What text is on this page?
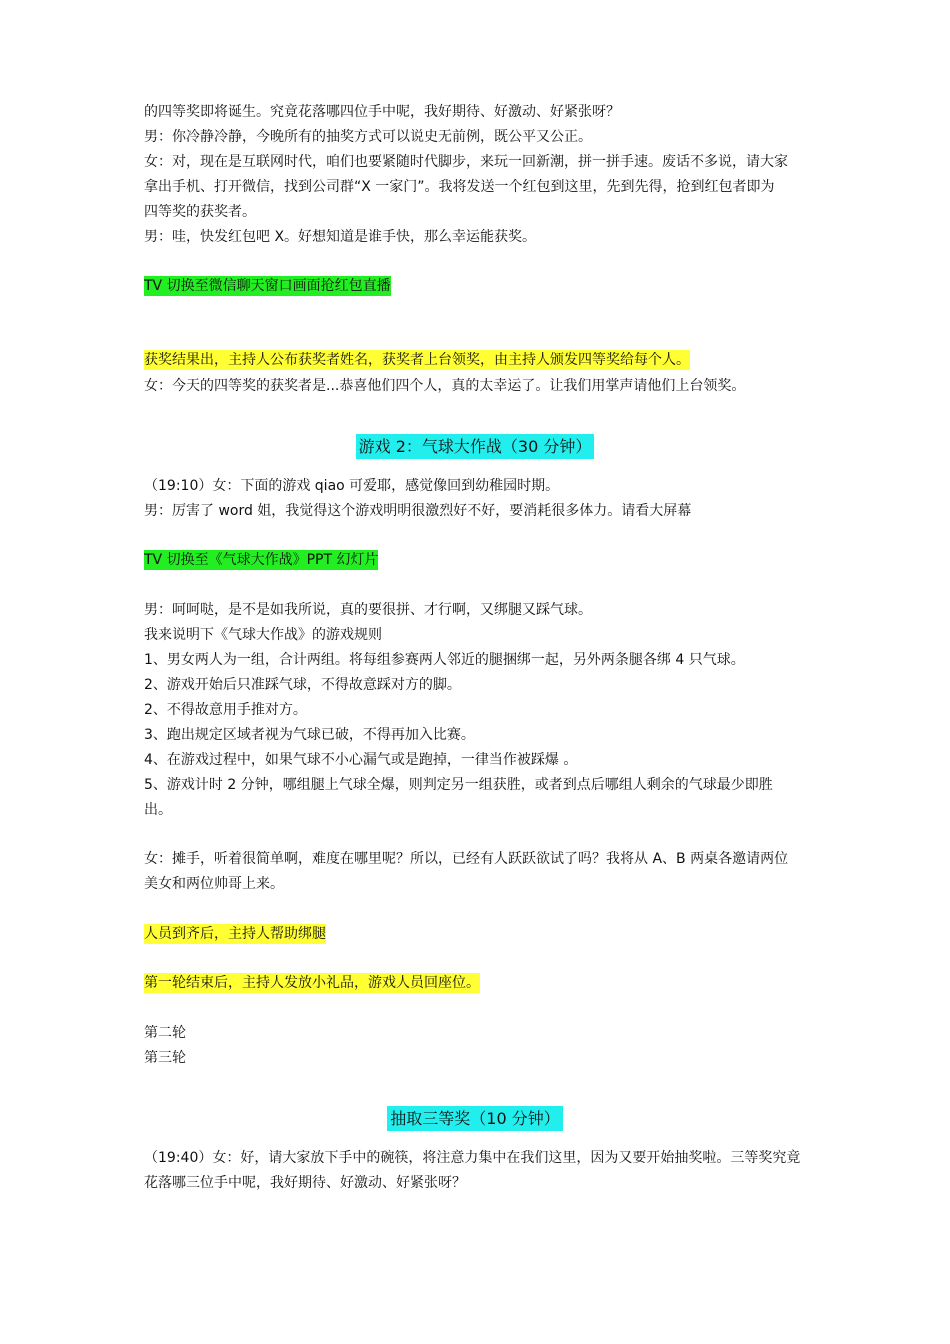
的四等奖即将诞生。究竟花落哪四位手中呢，我好期待、好激动、好紧张呀？
男：你冷静冷静，今晚所有的抽奖方式可以说史无前例，既公平又公正。
女：对，现在是互联网时代，咱们也要紧随时代脚步，来玩一回新潮，拼一拼手速。废话不多说，请大家
拿出手机、打开微信，找到公司群“X 一家门”。我将发送一个红包到这里，先到先得，抢到红包者即为
四等奖的获奖者。
男：哇，快发红包吧 X。好想知道是谁手快，那么幸运能获奖。
TV 切换至微信聊天窗口画面抢红包直播
获奖结果出，主持人公布获奖者姓名，获奖者上台领奖，由主持人颁发四等奖给每个人。
女：今天的四等奖的获奖者是...恭喜他们四个人，真的太幸运了。让我们用掌声请他们上台领奖。
游戏 2：气球大作战（30 分钟）
（19:10）女：下面的游戏 qiao 可爱耶，感觉像回到幼稚园时期。
男：厉害了 word 姐，我觉得这个游戏明明很激烈好不好，要消耗很多体力。请看大屏幕
TV 切换至《气球大作战》PPT 幻灯片
男：呵呵哒，是不是如我所说，真的要很拼、才行啊，又绑腿又踩气球。
我来说明下《气球大作战》的游戏规则
1、男女两人为一组，合计两组。将每组参赛两人邻近的腿捆绑一起，另外两条腿各绑 4 只气球。
2、游戏开始后只准踩气球，不得故意踩对方的脚。
2、不得故意用手推对方。
3、跑出规定区域者视为气球已破，不得再加入比赛。
4、在游戏过程中，如果气球不小心漏气或是跑掉，一律当作被踩爆 。
5、游戏计时 2 分钟，哪组腿上气球全爆，则判定另一组获胜，或者到点后哪组人剩余的气球最少即胜
出。
女：摊手，听着很简单啊，难度在哪里呢？所以，已经有人跃跃欲试了吗？我将从 A、B 两桌各邀请两位
美女和两位帅哥上来。
人员到齐后，主持人帮助绑腿
第一轮结束后，主持人发放小礼品，游戏人员回座位。
第二轮
第三轮
抽取三等奖（10 分钟）
（19:40）女：好，请大家放下手中的碗筷，将注意力集中在我们这里，因为又要开始抽奖啦。三等奖究竟
花落哪三位手中呢，我好期待、好激动、好紧张呀？
